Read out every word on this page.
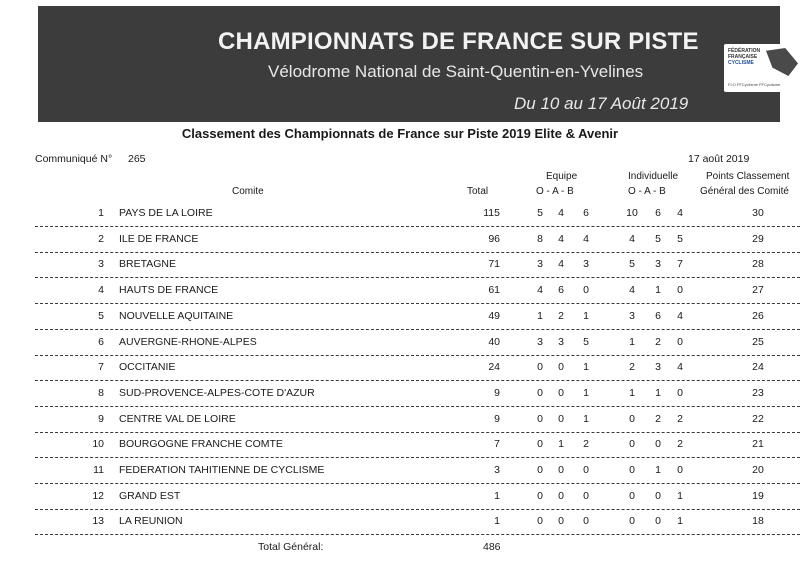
CHAMPIONNATS DE FRANCE SUR PISTE
Vélodrome National de Saint-Quentin-en-Yvelines
Du 10 au 17 Août 2019
FÉDÉRATION
FRANÇAISE
CYCLISME
FLO FFCyclisme FFCyclisme
Classement des Championnats de France sur Piste 2019 Elite & Avenir
Communiqué N° 265	17 août 2019
Equipe	Individuelle	Points Classement
Comite	Total	O - A - B	O - A - B	Général des Comité
1 PAYS DE LA LOIRE	115	5	4	6	10	6	4	30
2 ILE DE FRANCE	96	8	4	4	4	5	5	29
3 BRETAGNE	71	3	4	3	5	3	7	28
4 HAUTS DE FRANCE	61	4	6	0	4	1	0	27
5 NOUVELLE AQUITAINE	49	1	2	1	3	6	4	26
6 AUVERGNE-RHONE-ALPES	40	3	3	5	1	2	0	25
7 OCCITANIE	24	0	0	1	2	3	4	24
8 SUD-PROVENCE-ALPES-COTE D'AZUR	9	0	0	1	1	1	0	23
9 CENTRE VAL DE LOIRE	9	0	0	1	0	2	2	22
10 BOURGOGNE FRANCHE COMTE	7	0	1	2	0	0	2	21
11 FEDERATION TAHITIENNE DE CYCLISME	3	0	0	0	0	1	0	20
12 GRAND EST	1	0	0	0	0	0	1	19
13 LA REUNION	1	0	0	0	0	0	1	18
Total Général:	486
